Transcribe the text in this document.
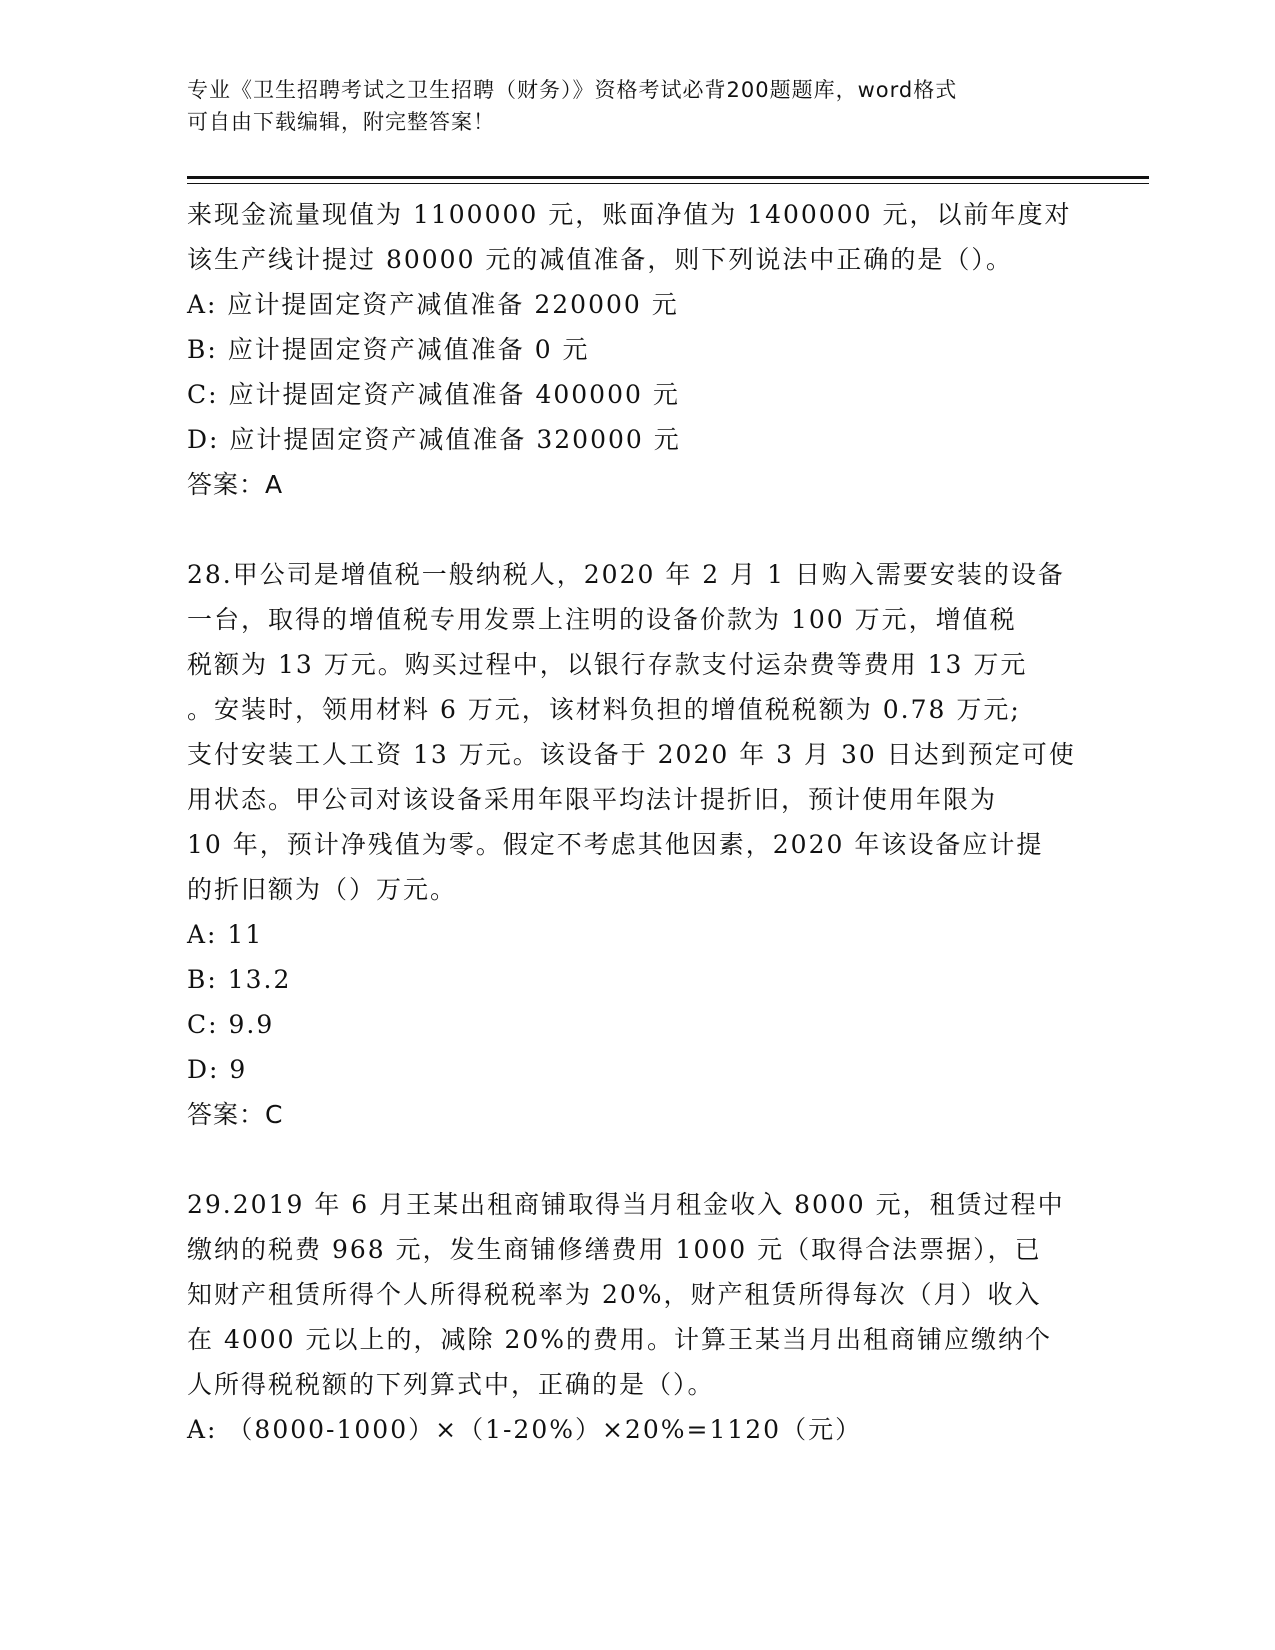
专业《卫生招聘考试之卫生招聘（财务）》资格考试必背200题题库，word格式
可自由下载编辑，附完整答案！

来现金流量现值为 1100000 元，账面净值为 1400000 元，以前年度对

该生产线计提过 80000 元的减值准备，则下列说法中正确的是（）。

A: 应计提固定资产减值准备 220000 元

B: 应计提固定资产减值准备 0 元

C: 应计提固定资产减值准备 400000 元

D: 应计提固定资产减值准备 320000 元

答案：A

28.甲公司是增值税一般纳税人，2020 年 2 月 1 日购入需要安装的设备

一台，取得的增值税专用发票上注明的设备价款为 100 万元，增值税

税额为 13 万元。购买过程中，以银行存款支付运杂费等费用 13 万元

。安装时，领用材料 6 万元，该材料负担的增值税税额为 0.78 万元;

支付安装工人工资 13 万元。该设备于 2020 年 3 月 30 日达到预定可使

用状态。甲公司对该设备采用年限平均法计提折旧，预计使用年限为

10 年，预计净残值为零。假定不考虑其他因素，2020 年该设备应计提

的折旧额为（）万元。

A: 11

B: 13.2

C: 9.9

D: 9

答案：C

29.2019 年 6 月王某出租商铺取得当月租金收入 8000 元，租赁过程中

缴纳的税费 968 元，发生商铺修缮费用 1000 元（取得合法票据），已

知财产租赁所得个人所得税税率为 20%，财产租赁所得每次（月）收入

在 4000 元以上的，减除 20%的费用。计算王某当月出租商铺应缴纳个

人所得税税额的下列算式中，正确的是（）。

A: （8000-1000）×（1-20%）×20%=1120（元）
